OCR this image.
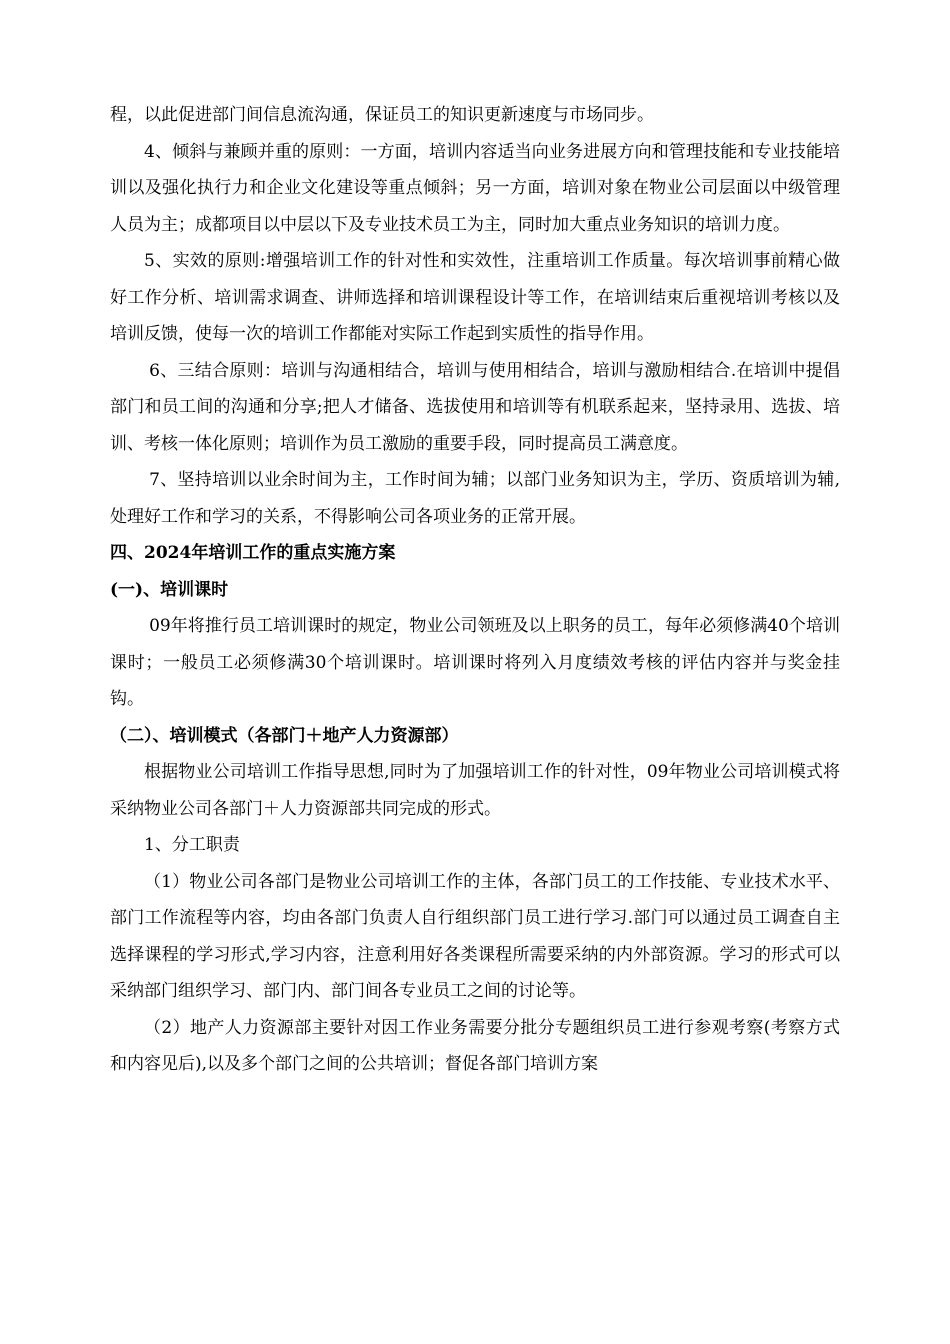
程，以此促进部门间信息流沟通，保证员工的知识更新速度与市场同步。

4、倾斜与兼顾并重的原则：一方面，培训内容适当向业务进展方向和管理技能和专业技能培训以及强化执行力和企业文化建设等重点倾斜；另一方面，培训对象在物业公司层面以中级管理人员为主；成都项目以中层以下及专业技术员工为主，同时加大重点业务知识的培训力度。

5、实效的原则:增强培训工作的针对性和实效性，注重培训工作质量。每次培训事前精心做好工作分析、培训需求调查、讲师选择和培训课程设计等工作，在培训结束后重视培训考核以及培训反馈，使每一次的培训工作都能对实际工作起到实质性的指导作用。

6、三结合原则：培训与沟通相结合，培训与使用相结合，培训与激励相结合.在培训中提倡部门和员工间的沟通和分享;把人才储备、选拔使用和培训等有机联系起来，坚持录用、选拔、培训、考核一体化原则；培训作为员工激励的重要手段，同时提高员工满意度。

7、坚持培训以业余时间为主，工作时间为辅；以部门业务知识为主，学历、资质培训为辅,处理好工作和学习的关系，不得影响公司各项业务的正常开展。

四、2024年培训工作的重点实施方案

(一)、培训课时

09年将推行员工培训课时的规定，物业公司领班及以上职务的员工，每年必须修满40个培训课时；一般员工必须修满30个培训课时。培训课时将列入月度绩效考核的评估内容并与奖金挂钩。

（二）、培训模式（各部门＋地产人力资源部）

根据物业公司培训工作指导思想,同时为了加强培训工作的针对性，09年物业公司培训模式将采纳物业公司各部门＋人力资源部共同完成的形式。

1、分工职责

（1）物业公司各部门是物业公司培训工作的主体，各部门员工的工作技能、专业技术水平、部门工作流程等内容，均由各部门负责人自行组织部门员工进行学习.部门可以通过员工调查自主选择课程的学习形式,学习内容，注意利用好各类课程所需要采纳的内外部资源。学习的形式可以采纳部门组织学习、部门内、部门间各专业员工之间的讨论等。

（2）地产人力资源部主要针对因工作业务需要分批分专题组织员工进行参观考察(考察方式和内容见后),以及多个部门之间的公共培训；督促各部门培训方案
